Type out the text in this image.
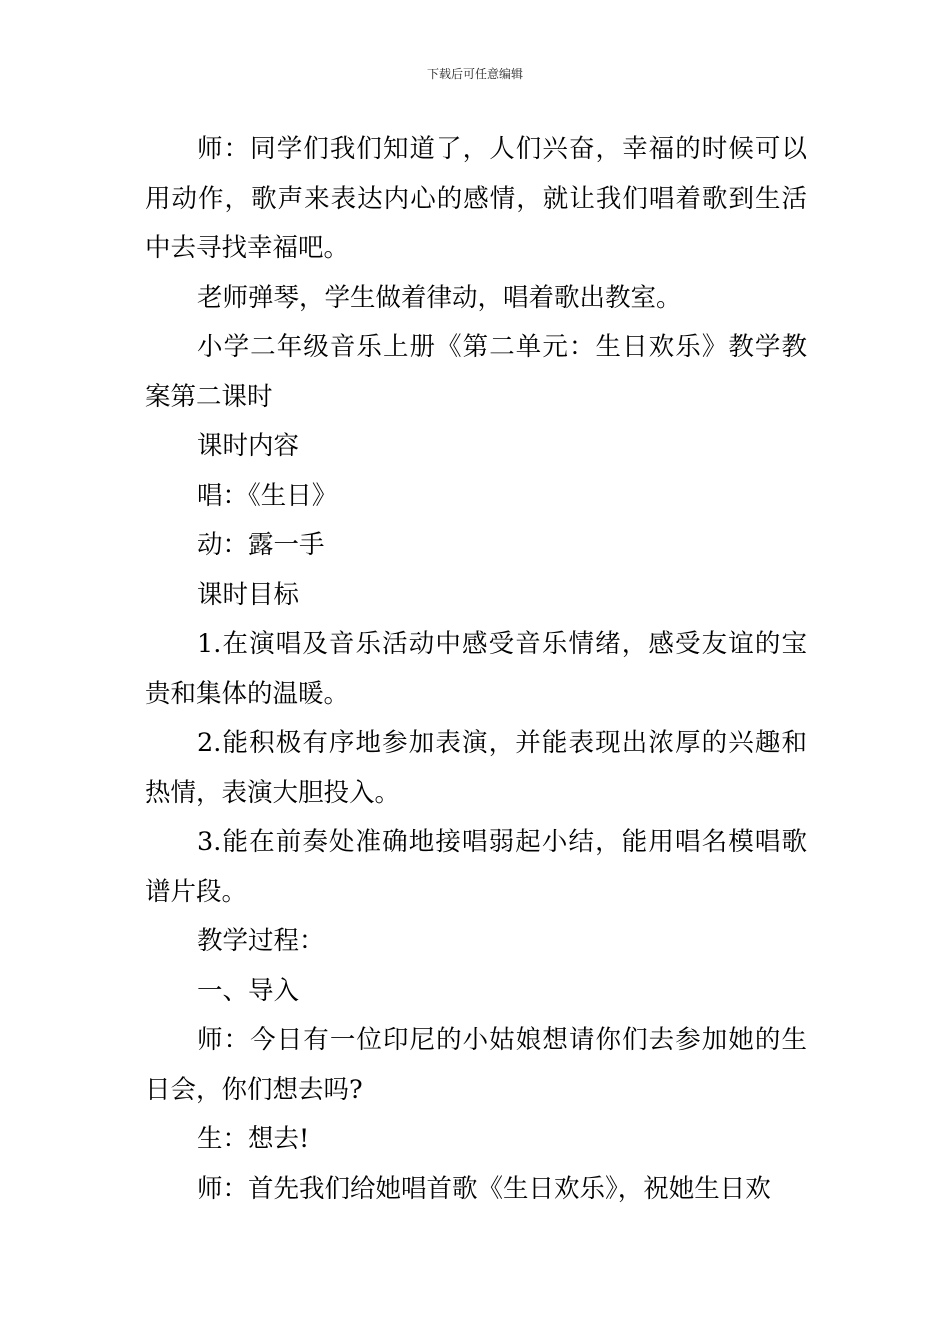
下载后可任意编辑

师：同学们我们知道了，人们兴奋，幸福的时候可以用动作，歌声来表达内心的感情，就让我们唱着歌到生活中去寻找幸福吧。

老师弹琴，学生做着律动，唱着歌出教室。

小学二年级音乐上册《第二单元：生日欢乐》教学教案第二课时

课时内容

唱：《生日》

动：露一手

课时目标

1.在演唱及音乐活动中感受音乐情绪，感受友谊的宝贵和集体的温暖。

2.能积极有序地参加表演，并能表现出浓厚的兴趣和热情，表演大胆投入。

3.能在前奏处准确地接唱弱起小结，能用唱名模唱歌谱片段。

教学过程：

一、导入

师：今日有一位印尼的小姑娘想请你们去参加她的生日会，你们想去吗?

生：想去!

师：首先我们给她唱首歌《生日欢乐》，祝她生日欢
